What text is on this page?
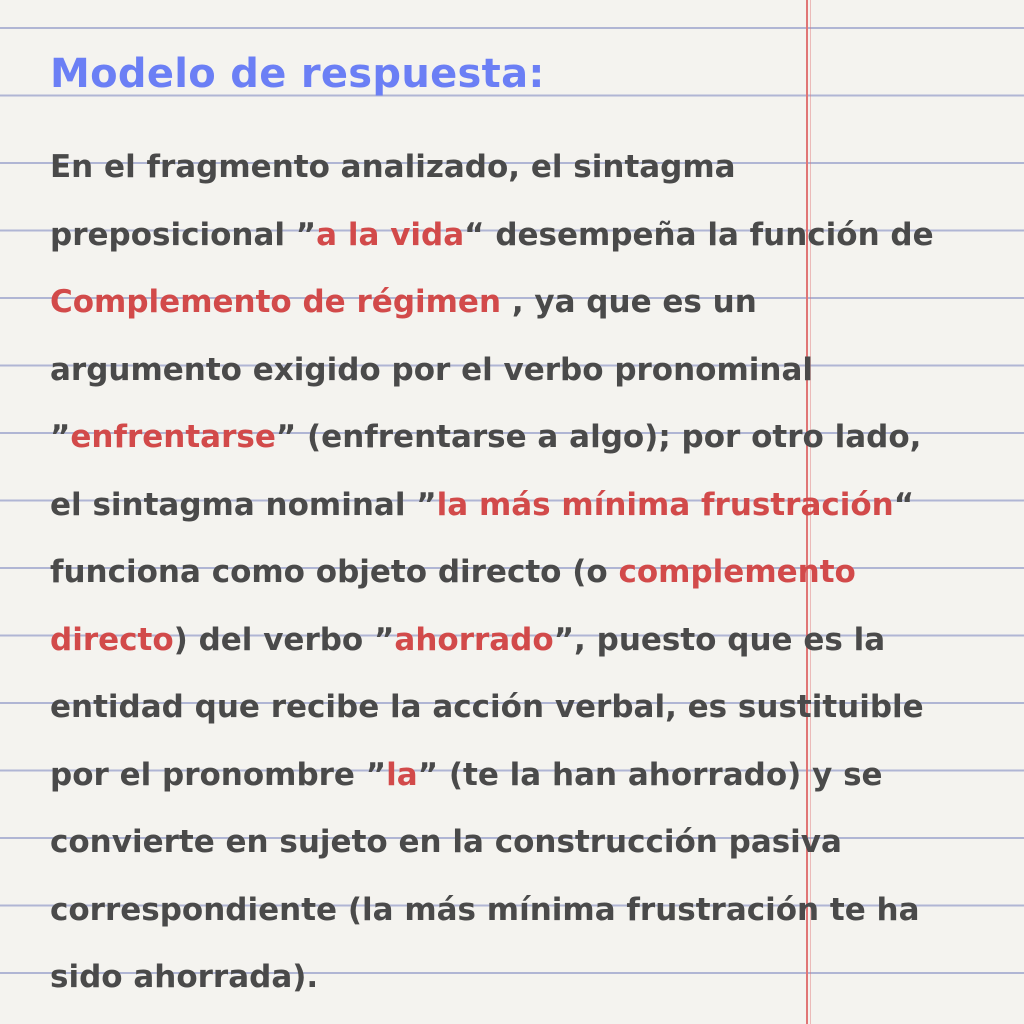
Modelo de respuesta:
En el fragmento analizado, el sintagma
preposicional ”a la vida“ desempeña la función de
Complemento de régimen , ya que es un
argumento exigido por el verbo pronominal
”enfrentarse” (enfrentarse a algo); por otro lado,
el sintagma nominal ”la más mínima frustración“
funciona como objeto directo (o complemento
directo) del verbo ”ahorrado”, puesto que es la
entidad que recibe la acción verbal, es sustituible
por el pronombre ”la” (te la han ahorrado) y se
convierte en sujeto en la construcción pasiva
correspondiente (la más mínima frustración te ha
sido ahorrada).
